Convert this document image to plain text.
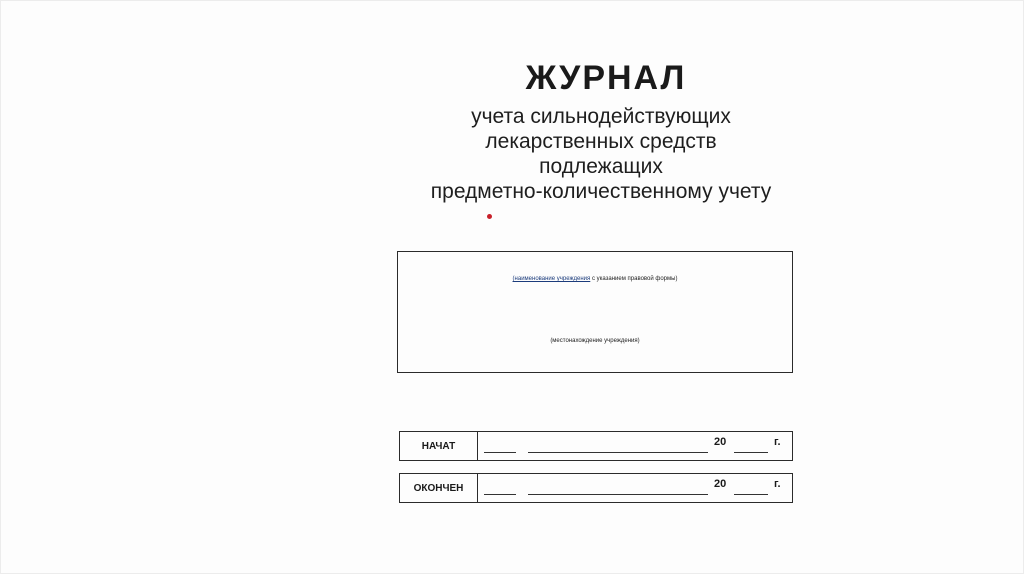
ЖУРНАЛ
учета сильнодействующих
лекарственных средств
подлежащих
предметно-количественному учету
(наименование учреждения с указанием правовой формы)
(местонахождение учреждения)
НАЧАТ	20	г.
ОКОНЧЕН	20	г.
